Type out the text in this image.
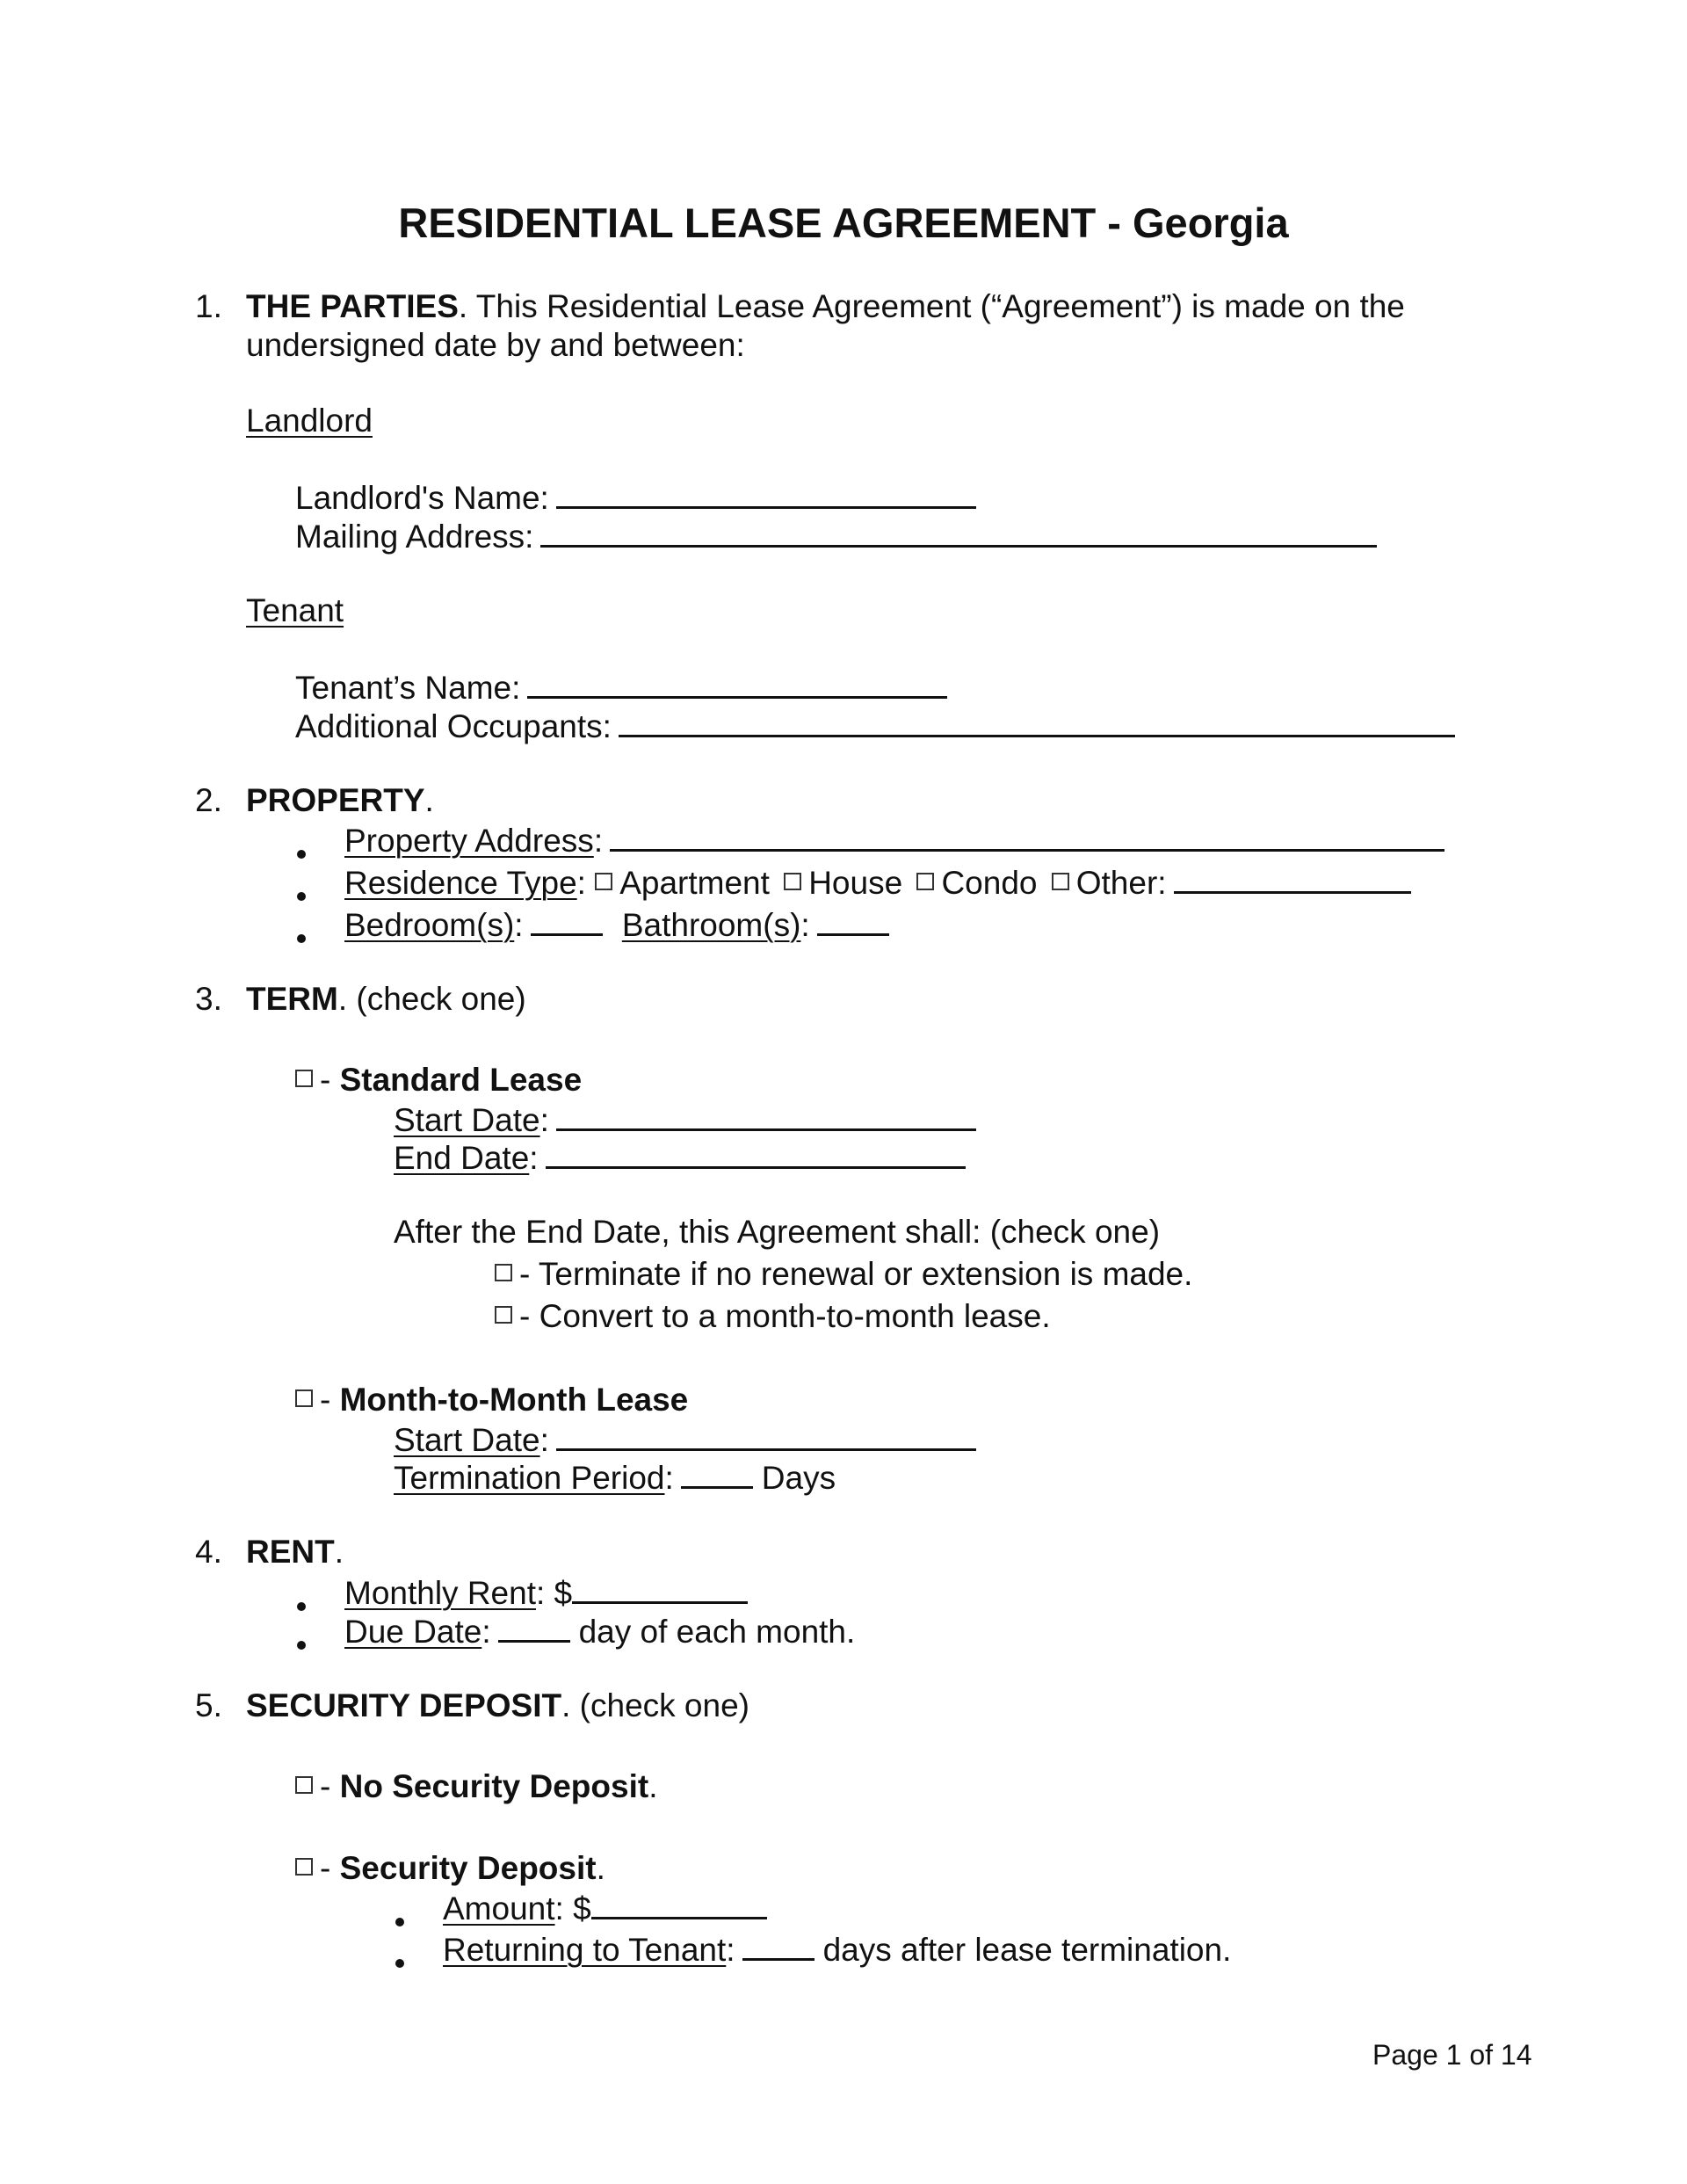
RESIDENTIAL LEASE AGREEMENT - Georgia
1. THE PARTIES. This Residential Lease Agreement (“Agreement”) is made on the
undersigned date by and between:
Landlord
Landlord's Name:
Mailing Address:
Tenant
Tenant’s Name:
Additional Occupants:
2. PROPERTY.
Property Address:
Residence Type: Apartment House Condo Other:
Bedroom(s):	Bathroom(s):
3. TERM. (check one)
- Standard Lease
Start Date:
End Date:
After the End Date, this Agreement shall: (check one)
- Terminate if no renewal or extension is made.
- Convert to a month-to-month lease.
- Month-to-Month Lease
Start Date:
Termination Period:	Days
4. RENT.
Monthly Rent: $
Due Date:	day of each month.
5. SECURITY DEPOSIT. (check one)
- No Security Deposit.
- Security Deposit.
Amount: $
Returning to Tenant:	days after lease termination.
Page 1 of 14
